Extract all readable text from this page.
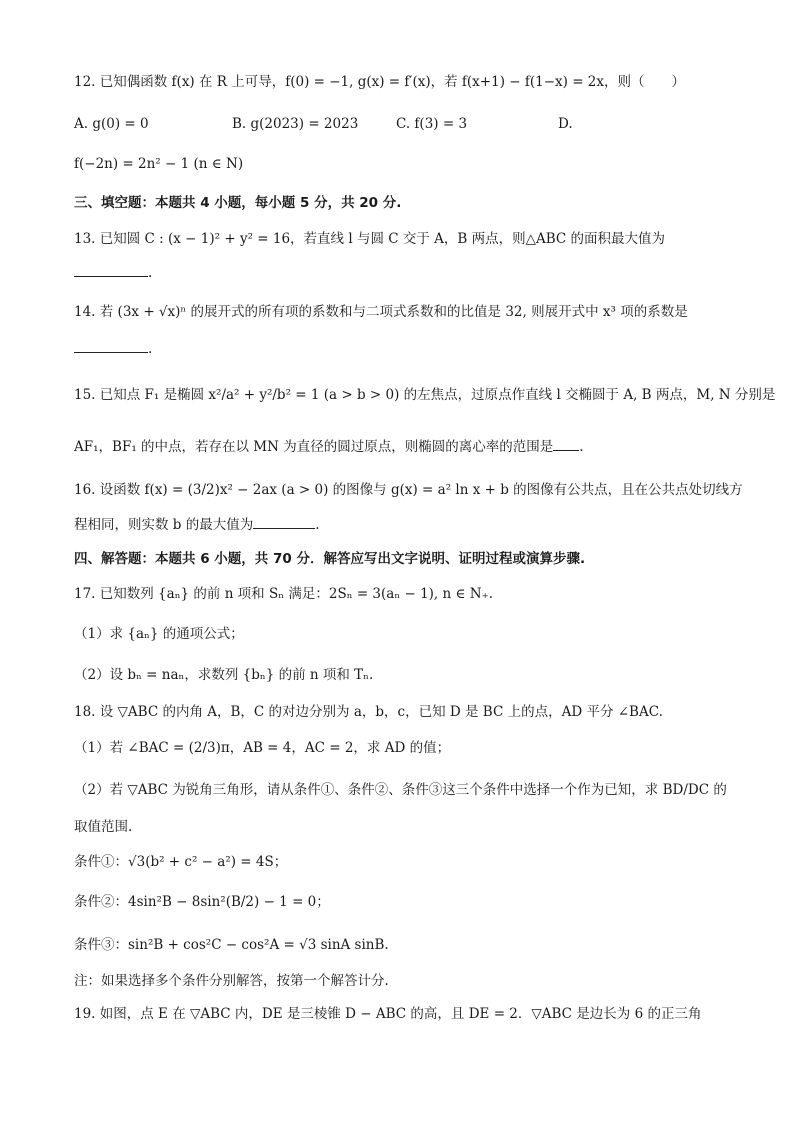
12. 已知偶函数 f(x) 在 R 上可导，f(0) = −1, g(x) = f′(x)，若 f(x+1) − f(1−x) = 2x，则（　　）
A. g(0) = 0	B. g(2023) = 2023	C. f(3) = 3	D.
f(−2n) = 2n² − 1 (n ∈ N)
三、填空题：本题共 4 小题，每小题 5 分，共 20 分.
13. 已知圆 C : (x − 1)² + y² = 16，若直线 l 与圆 C 交于 A，B 两点，则△ABC 的面积最大值为
.
14. 若 (3x + √x)ⁿ 的展开式的所有项的系数和与二项式系数和的比值是 32, 则展开式中 x³ 项的系数是
.
15. 已知点 F₁ 是椭圆 x²/a² + y²/b² = 1 (a > b > 0) 的左焦点，过原点作直线 l 交椭圆于 A, B 两点，M, N 分别是
AF₁，BF₁ 的中点，若存在以 MN 为直径的圆过原点，则椭圆的离心率的范围是 .
16. 设函数 f(x) = (3/2)x² − 2ax (a > 0) 的图像与 g(x) = a² ln x + b 的图像有公共点，且在公共点处切线方
程相同，则实数 b 的最大值为	.
四、解答题：本题共 6 小题，共 70 分．解答应写出文字说明、证明过程或演算步骤.
17. 已知数列 {aₙ} 的前 n 项和 Sₙ 满足：2Sₙ = 3(aₙ − 1), n ∈ N₊.
（1）求 {aₙ} 的通项公式；
（2）设 bₙ = naₙ，求数列 {bₙ} 的前 n 项和 Tₙ.
18. 设 ▽ABC 的内角 A，B，C 的对边分别为 a，b，c，已知 D 是 BC 上的点，AD 平分 ∠BAC.
（1）若 ∠BAC = (2/3)π，AB = 4，AC = 2，求 AD 的值；
（2）若 ▽ABC 为锐角三角形，请从条件①、条件②、条件③这三个条件中选择一个作为已知，求 BD/DC 的
取值范围.
条件①：√3(b² + c² − a²) = 4S；
条件②：4sin²B − 8sin²(B/2) − 1 = 0；
条件③：sin²B + cos²C − cos²A = √3 sinA sinB.
注：如果选择多个条件分别解答，按第一个解答计分.
19. 如图，点 E 在 ▽ABC 内，DE 是三棱锥 D − ABC 的高，且 DE = 2．▽ABC 是边长为 6 的正三角
